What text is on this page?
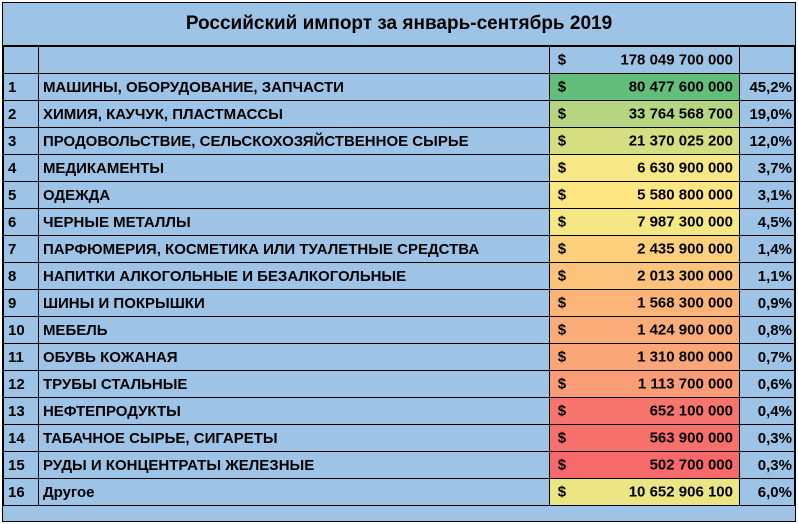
Российский импорт за январь-сентябрь 2019

		$ 178 049 700 000	

1	МАШИНЫ, ОБОРУДОВАНИЕ, ЗАПЧАСТИ	$ 80 477 600 000	45,2%
2	ХИМИЯ, КАУЧУК, ПЛАСТМАССЫ	$ 33 764 568 700	19,0%
3	ПРОДОВОЛЬСТВИЕ, СЕЛЬСКОХОЗЯЙСТВЕННОЕ СЫРЬЕ	$ 21 370 025 200	12,0%
4	МЕДИКАМЕНТЫ	$ 6 630 900 000	3,7%
5	ОДЕЖДА	$ 5 580 800 000	3,1%
6	ЧЕРНЫЕ МЕТАЛЛЫ	$ 7 987 300 000	4,5%
7	ПАРФЮМЕРИЯ, КОСМЕТИКА ИЛИ ТУАЛЕТНЫЕ СРЕДСТВА	$ 2 435 900 000	1,4%
8	НАПИТКИ АЛКОГОЛЬНЫЕ И БЕЗАЛКОГОЛЬНЫЕ	$ 2 013 300 000	1,1%
9	ШИНЫ И ПОКРЫШКИ	$ 1 568 300 000	0,9%
10	МЕБЕЛЬ	$ 1 424 900 000	0,8%
11	ОБУВЬ КОЖАНАЯ	$ 1 310 800 000	0,7%
12	ТРУБЫ СТАЛЬНЫЕ	$ 1 113 700 000	0,6%
13	НЕФТЕПРОДУКТЫ	$ 652 100 000	0,4%
14	ТАБАЧНОЕ СЫРЬЕ, СИГАРЕТЫ	$ 563 900 000	0,3%
15	РУДЫ И КОНЦЕНТРАТЫ ЖЕЛЕЗНЫЕ	$ 502 700 000	0,3%
16	Другое	$ 10 652 906 100	6,0%
